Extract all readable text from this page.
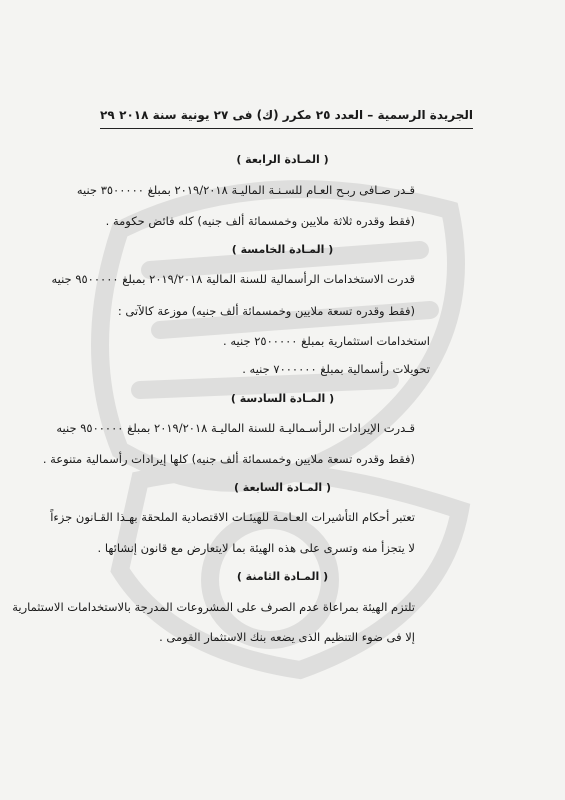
الجريدة الرسمية – العدد ٢٥ مكرر (ك) فى ٢٧ يونية سنة ٢٠١٨
٢٩
( المـادة الرابعة )
قـدر صـافى ربـح العـام للسـنـة الماليـة ٢٠١٩/٢٠١٨ بمبلغ ٣٥٠٠٠٠٠ جنيه
(فقط وقدره ثلاثة ملايين وخمسمائة ألف جنيه) كله فائض حكومة .
( المـادة الخامسة )
قدرت الاستخدامات الرأسمالية للسنة المالية ٢٠١٩/٢٠١٨ بمبلغ ٩٥٠٠٠٠٠ جنيه
(فقط وقدره تسعة ملايين وخمسمائة ألف جنيه) موزعة كالآتى :
استخدامات استثمارية بمبلغ ٢٥٠٠٠٠٠ جنيه .
تحويلات رأسمالية بمبلغ ٧٠٠٠٠٠٠ جنيه .
( المـادة السادسة )
قـدرت الإيرادات الرأسـماليـة للسنة الماليـة ٢٠١٩/٢٠١٨ بمبلغ ٩٥٠٠٠٠٠ جنيه
(فقط وقدره تسعة ملايين وخمسمائة ألف جنيه) كلها إيرادات رأسمالية متنوعة .
( المـادة السابعة )
تعتبر أحكام التأشيرات العـامـة للهيئـات الاقتصادية الملحقة بهـذا القـانون جزءاً
لا يتجزأ منه وتسرى على هذه الهيئة بما لايتعارض مع قانون إنشائها .
( المـادة الثامنة )
تلتزم الهيئة بمراعاة عدم الصرف على المشروعات المدرجة بالاستخدامات الاستثمارية
إلا فى ضوء التنظيم الذى يضعه بنك الاستثمار القومى .
